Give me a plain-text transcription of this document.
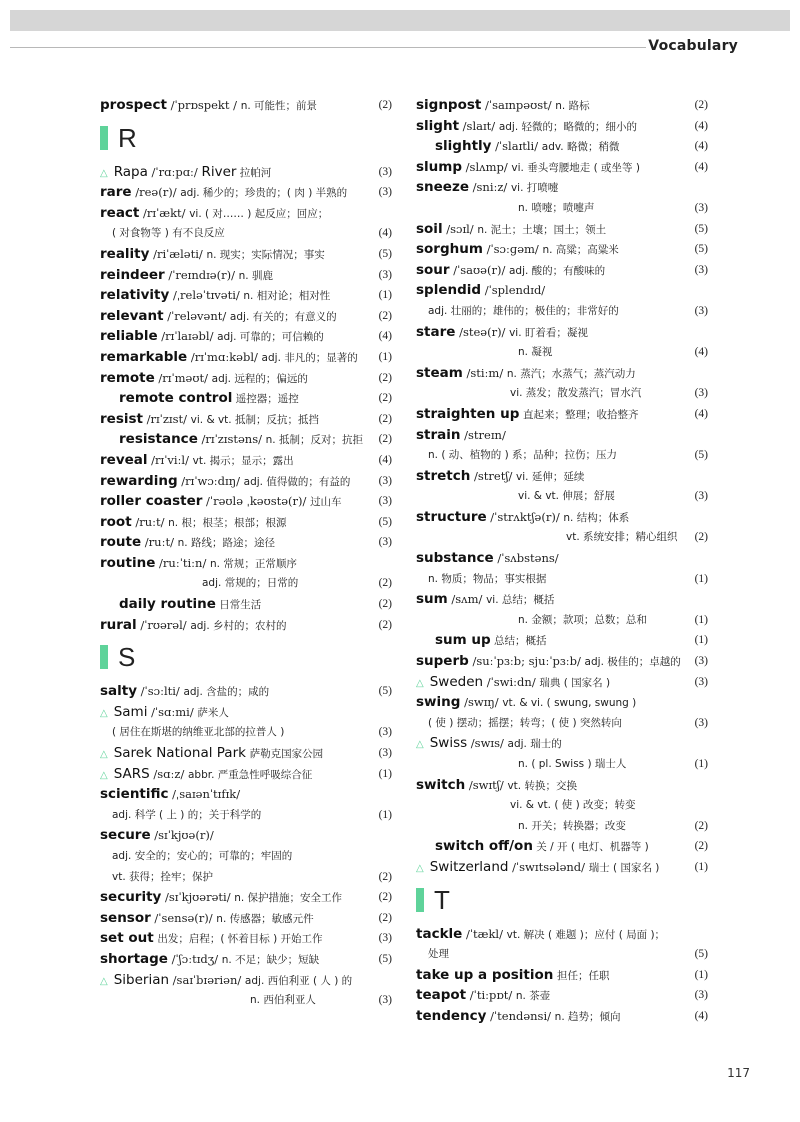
Vocabulary
prospect /ˈprɒspekt / n. 可能性；前景	(2)
R
△ Rapa /ˈrɑːpɑː/ River 拉帕河	(3)
rare /reə(r)/ adj. 稀少的；珍贵的；( 肉 ) 半熟的	(3)
react /rɪˈækt/ vi. ( 对…… ) 起反应；回应；
( 对食物等 ) 有不良反应	(4)
reality /riˈæləti/ n. 现实；实际情况；事实	(5)
reindeer /ˈreɪndɪə(r)/ n. 驯鹿	(3)
relativity /ˌreləˈtɪvəti/ n. 相对论；相对性	(1)
relevant /ˈreləvənt/ adj. 有关的；有意义的	(2)
reliable /rɪˈlaɪəbl/ adj. 可靠的；可信赖的	(4)
remarkable /rɪˈmɑːkəbl/ adj. 非凡的；显著的 (1)
remote /rɪˈməʊt/ adj. 远程的；偏远的	(2)
remote control 遥控器；遥控	(2)
resist /rɪˈzɪst/ vi. & vt. 抵制；反抗；抵挡	(2)
resistance /rɪˈzɪstəns/ n. 抵制；反对；抗拒 (2)
reveal /rɪˈviːl/ vt. 揭示；显示；露出	(4)
rewarding /rɪˈwɔːdɪŋ/ adj. 值得做的；有益的 (3)
roller coaster /ˈrəʊlə ˌkəʊstə(r)/ 过山车	(3)
root /ruːt/ n. 根；根茎；根部；根源	(5)
route /ruːt/ n. 路线；路途；途径	(3)
routine /ruːˈtiːn/ n. 常规；正常顺序
adj. 常规的；日常的	(2)
daily routine 日常生活	(2)
rural /ˈrʊərəl/ adj. 乡村的；农村的	(2)
S
salty /ˈsɔːlti/ adj. 含盐的；咸的	(5)
△ Sami /ˈsɑːmi/ 萨米人
( 居住在斯堪的纳维亚北部的拉普人 )	(3)
△ Sarek National Park 萨勒克国家公园	(3)
△ SARS /sɑːz/ abbr. 严重急性呼吸综合征	(1)
scientific /ˌsaɪənˈtɪfɪk/
adj. 科学 ( 上 ) 的；关于科学的	(1)
secure /sɪˈkjʊə(r)/
adj. 安全的；安心的；可靠的；牢固的
vt. 获得；拴牢；保护	(2)
security /sɪˈkjʊərəti/ n. 保护措施；安全工作	(2)
sensor /ˈsensə(r)/ n. 传感器；敏感元件	(2)
set out 出发；启程；( 怀着目标 ) 开始工作	(3)
shortage /ˈʃɔːtɪdʒ/ n. 不足；缺少；短缺	(5)
△ Siberian /saɪˈbɪəriən/ adj. 西伯利亚 ( 人 ) 的
n. 西伯利亚人	(3)
signpost /ˈsaɪnpəʊst/ n. 路标	(2)
slight /slaɪt/ adj. 轻微的；略微的；细小的	(4)
slightly /ˈslaɪtli/ adv. 略微；稍微	(4)
slump /slʌmp/ vi. 垂头弯腰地走 ( 或坐等 )	(4)
sneeze /sniːz/ vi. 打喷嚏
n. 喷嚏；喷嚏声	(3)
soil /sɔɪl/ n. 泥土；土壤；国土；领土	(5)
sorghum /ˈsɔːɡəm/ n. 高粱；高粱米	(5)
sour /ˈsaʊə(r)/ adj. 酸的；有酸味的	(3)
splendid /ˈsplendɪd/
adj. 壮丽的；雄伟的；极佳的；非常好的	(3)
stare /steə(r)/ vi. 盯着看；凝视
n. 凝视	(4)
steam /stiːm/ n. 蒸汽；水蒸气；蒸汽动力
vi. 蒸发；散发蒸汽；冒水汽	(3)
straighten up 直起来；整理；收拾整齐	(4)
strain /streɪn/
n. ( 动、植物的 ) 系；品种；拉伤；压力	(5)
stretch /stretʃ/ vi. 延伸；延续
vi. & vt. 伸展；舒展	(3)
structure /ˈstrʌktʃə(r)/ n. 结构；体系
vt. 系统安排；精心组织 (2)
substance /ˈsʌbstəns/
n. 物质；物品；事实根据	(1)
sum /sʌm/ vi. 总结；概括
n. 金额；款项；总数；总和	(1)
sum up 总结；概括	(1)
superb /suːˈpɜːb; sjuːˈpɜːb/ adj. 极佳的；卓越的 (3)
△ Sweden /ˈswiːdn/ 瑞典 ( 国家名 )	(3)
swing /swɪŋ/ vt. & vi. ( swung, swung )
( 使 ) 摆动；摇摆；转弯；( 使 ) 突然转向	(3)
△ Swiss /swɪs/ adj. 瑞士的
n. ( pl. Swiss ) 瑞士人	(1)
switch /swɪtʃ/ vt. 转换；交换
vi. & vt. ( 使 ) 改变；转变
n. 开关；转换器；改变	(2)
switch off/on 关 / 开 ( 电灯、机器等 )	(2)
△ Switzerland /ˈswɪtsələnd/ 瑞士 ( 国家名 )	(1)
T
tackle /ˈtækl/ vt. 解决 ( 难题 )；应付 ( 局面 )；
处理	(5)
take up a position 担任；任职	(1)
teapot /ˈtiːpɒt/ n. 茶壶	(3)
tendency /ˈtendənsi/ n. 趋势；倾向	(4)
117
